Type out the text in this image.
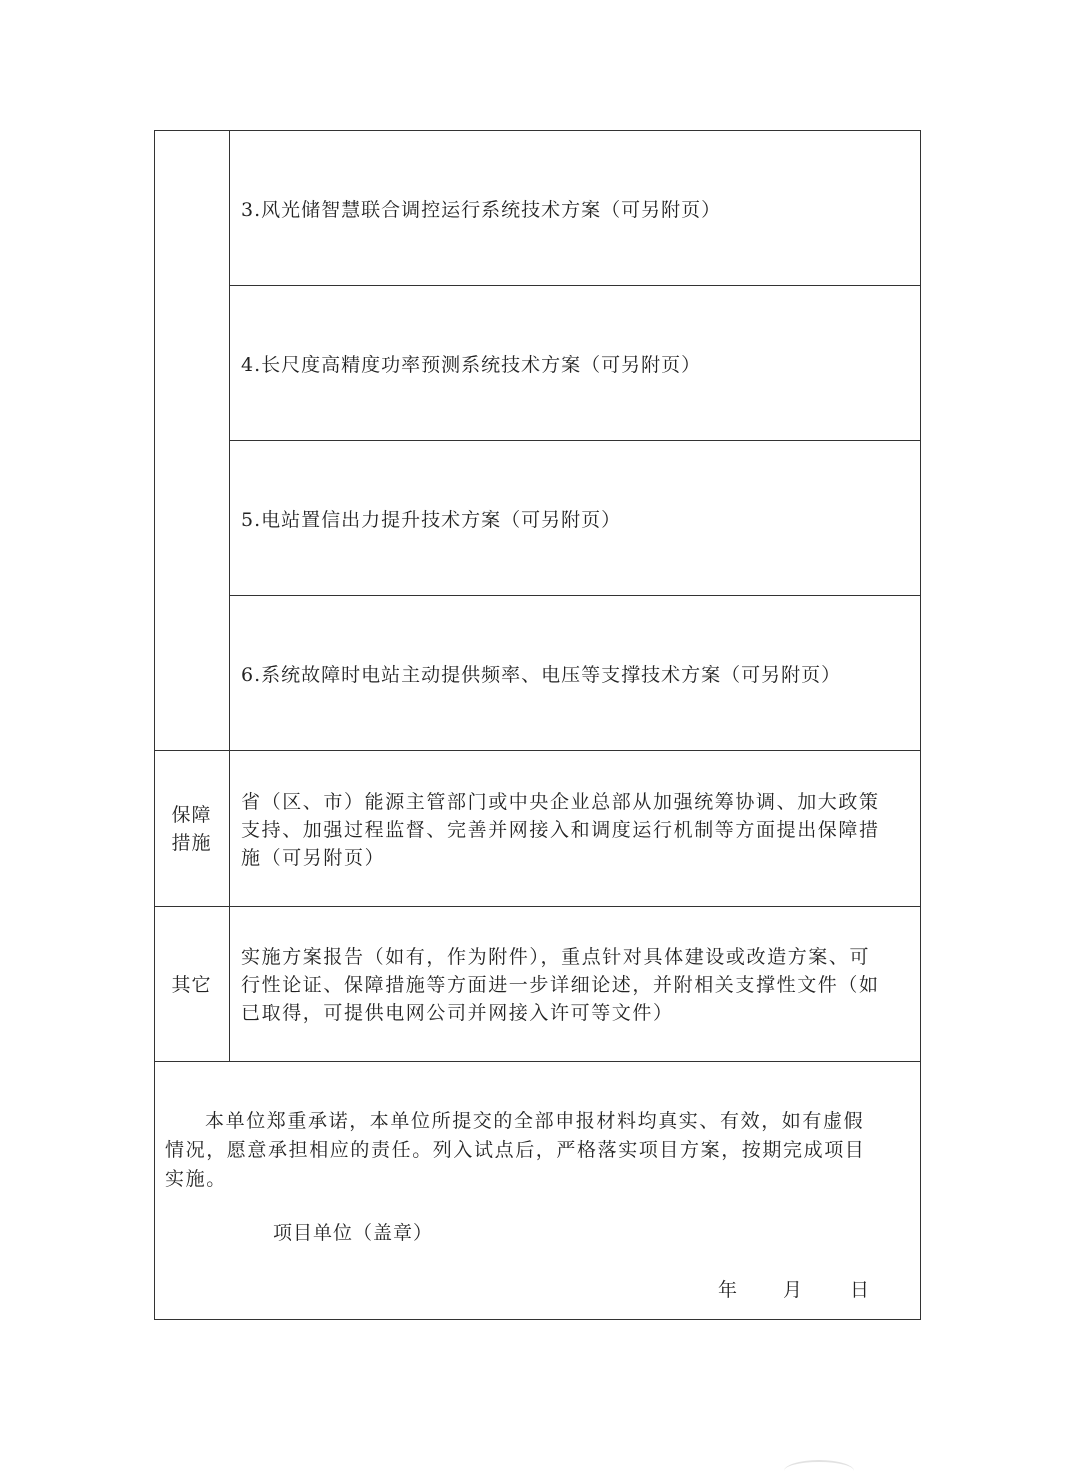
3.风光储智慧联合调控运行系统技术方案（可另附页）
4.长尺度高精度功率预测系统技术方案（可另附页）
5.电站置信出力提升技术方案（可另附页）
6.系统故障时电站主动提供频率、电压等支撑技术方案（可另附页）
保障
措施
省（区、市）能源主管部门或中央企业总部从加强统筹协调、加大政策
支持、加强过程监督、完善并网接入和调度运行机制等方面提出保障措
施（可另附页）
其它
实施方案报告（如有，作为附件），重点针对具体建设或改造方案、可
行性论证、保障措施等方面进一步详细论述，并附相关支撑性文件（如
已取得，可提供电网公司并网接入许可等文件）
本单位郑重承诺，本单位所提交的全部申报材料均真实、有效，如有虚假
情况，愿意承担相应的责任。列入试点后，严格落实项目方案，按期完成项目
实施。
项目单位（盖章）
年 月	日
